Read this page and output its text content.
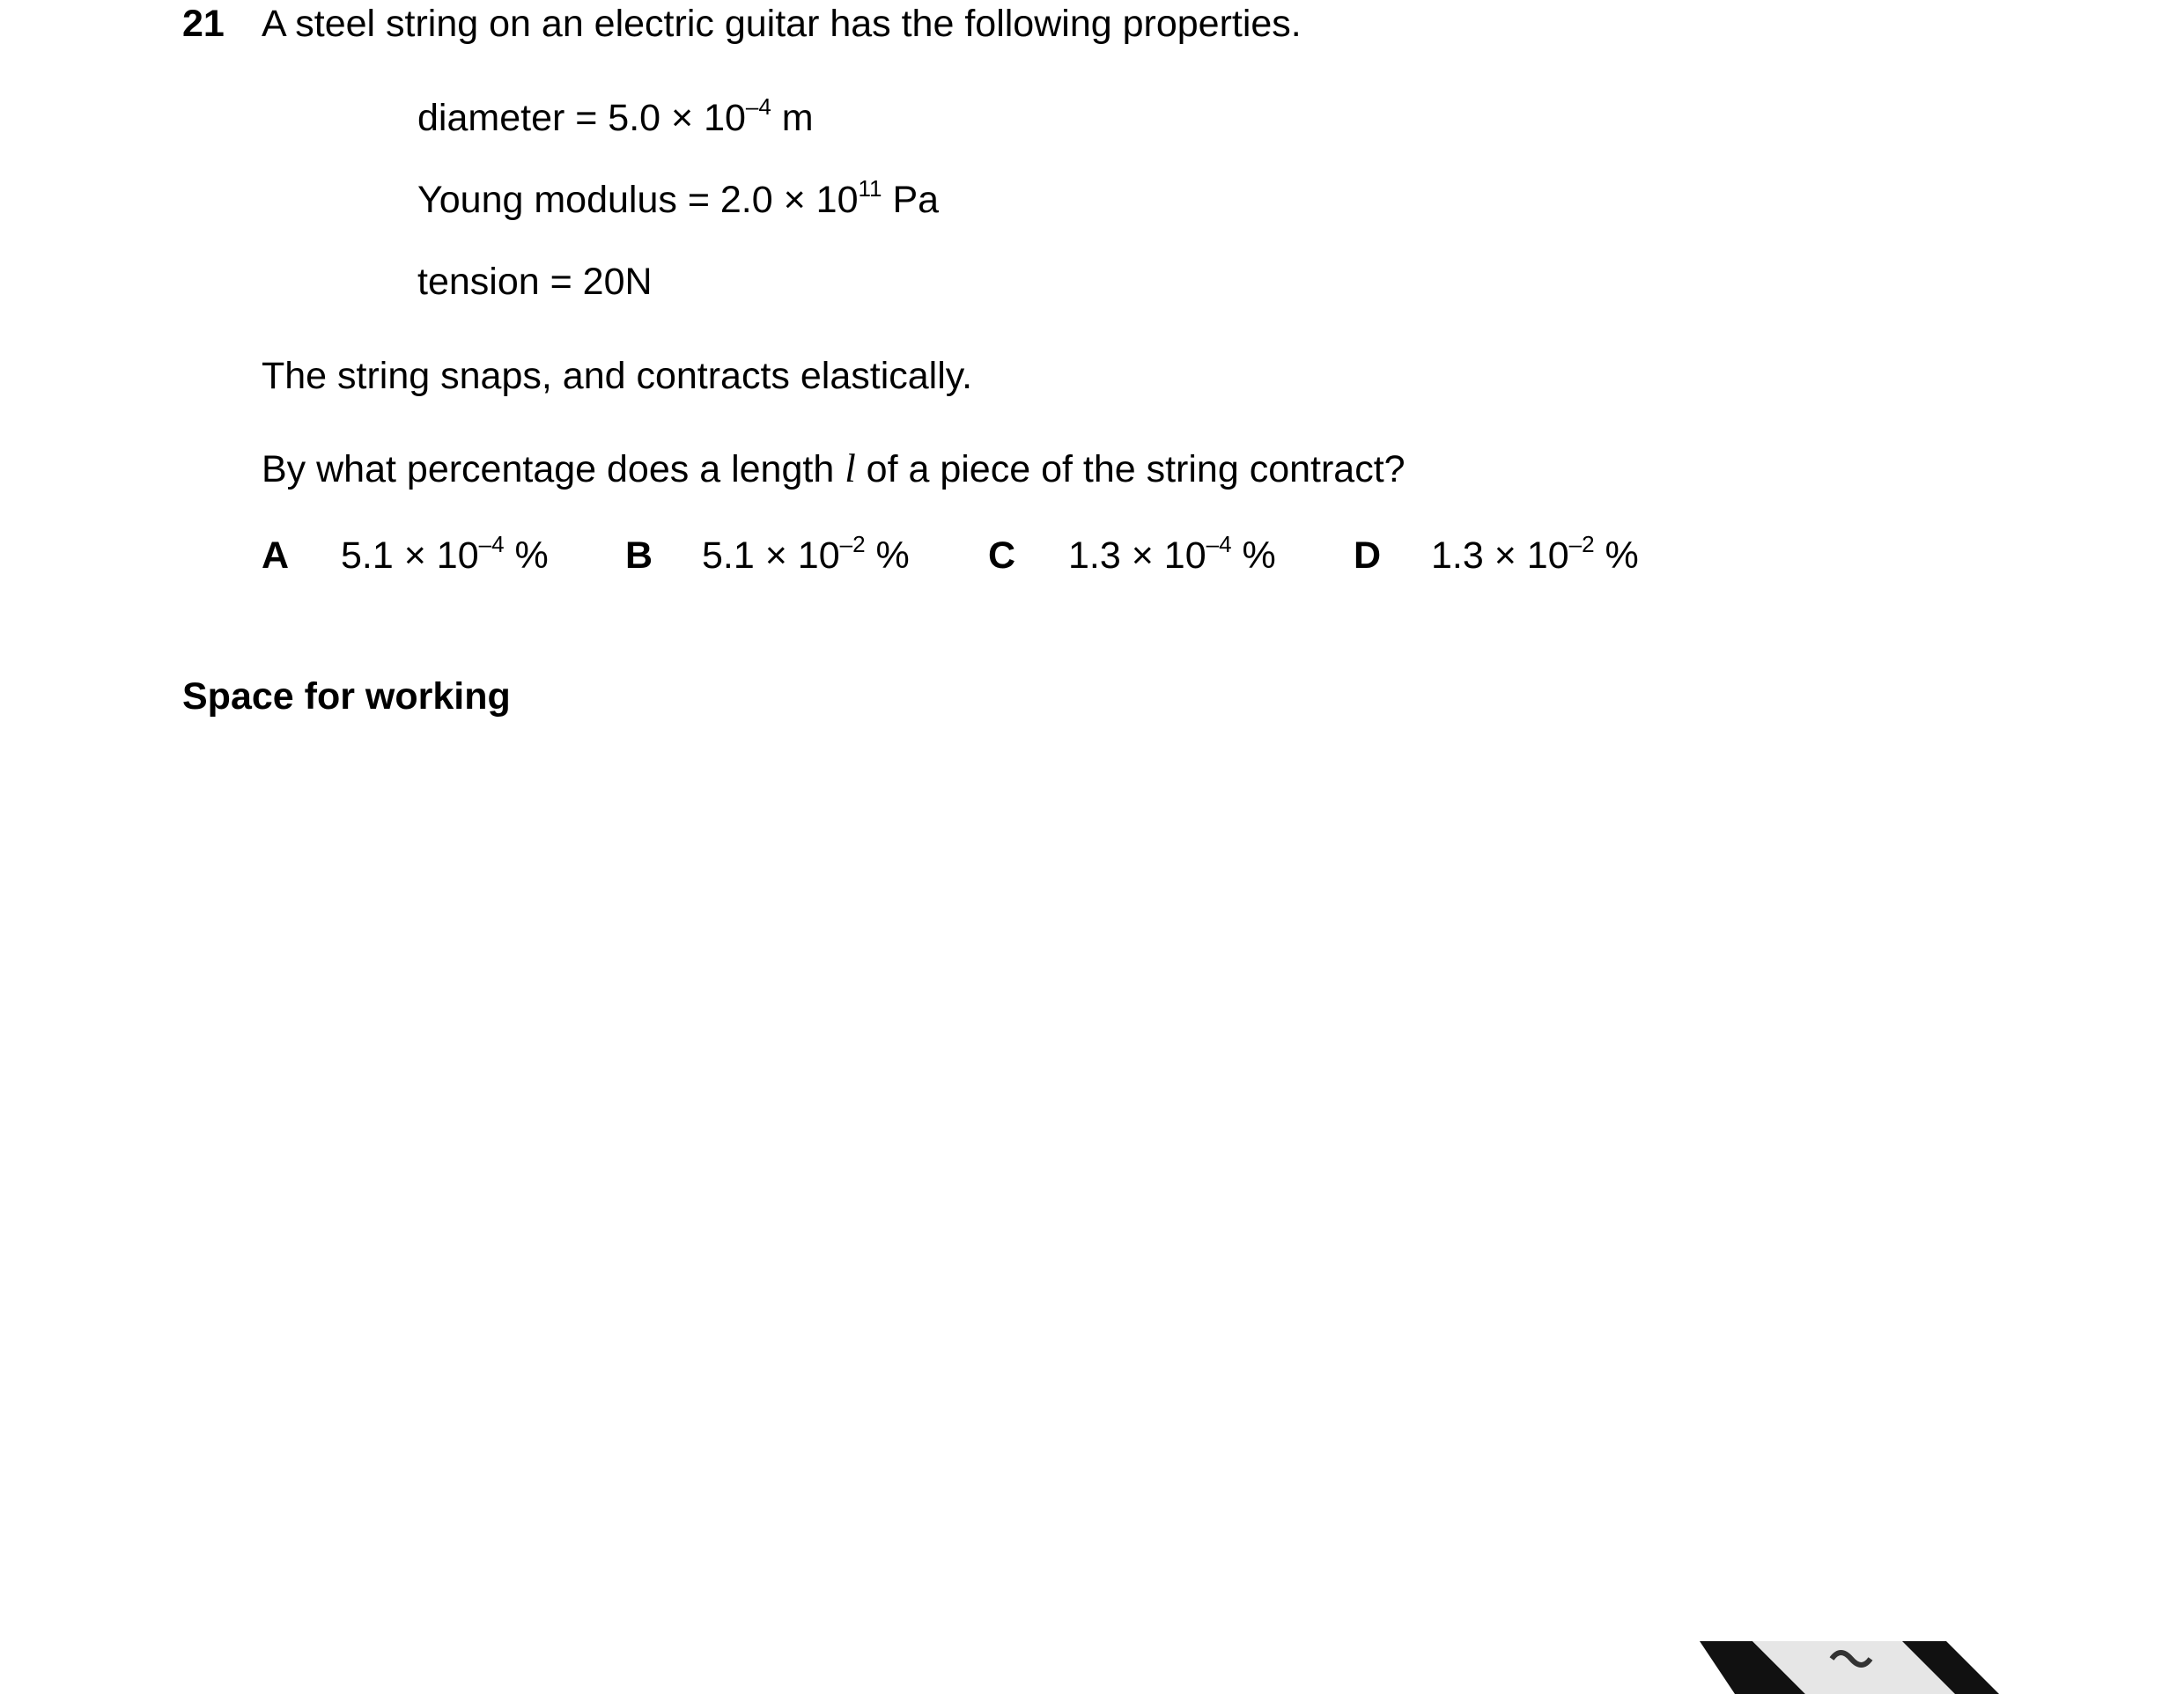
21 A steel string on an electric guitar has the following properties.
diameter = $5.0 \times 10^{-4}$ m
Young modulus = $2.0 \times 10^{11}$ Pa
tension = 20N
The string snaps, and contracts elastically.
By what percentage does a length l of a piece of the string contract?
A $5.1 \times 10^{-4}$ % B $5.1 \times 10^{-2}$ % C $1.3 \times 10^{-4}$ % D $1.3 \times 10^{-2}$ %
Space for working
